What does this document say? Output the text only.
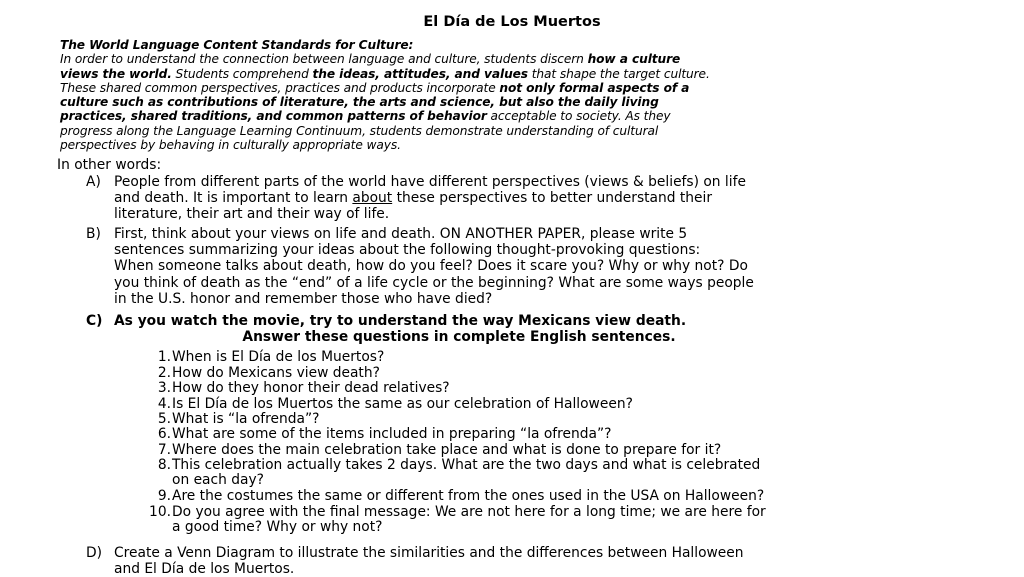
El Día de Los Muertos
The World Language Content Standards for Culture:
In order to understand the connection between language and culture, students discern how a culture
views the world. Students comprehend the ideas, attitudes, and values that shape the target culture.
These shared common perspectives, practices and products incorporate not only formal aspects of a
culture such as contributions of literature, the arts and science, but also the daily living
practices, shared traditions, and common patterns of behavior acceptable to society. As they
progress along the Language Learning Continuum, students demonstrate understanding of cultural
perspectives by behaving in culturally appropriate ways.
In other words:
A) People from different parts of the world have different perspectives (views & beliefs) on life
and death. It is important to learn about these perspectives to better understand their
literature, their art and their way of life.
B) First, think about your views on life and death. ON ANOTHER PAPER, please write 5
sentences summarizing your ideas about the following thought-provoking questions:
When someone talks about death, how do you feel? Does it scare you? Why or why not? Do
you think of death as the “end” of a life cycle or the beginning? What are some ways people
in the U.S. honor and remember those who have died?
C) As you watch the movie, try to understand the way Mexicans view death.
Answer these questions in complete English sentences.
1. When is El Día de los Muertos?
2. How do Mexicans view death?
3. How do they honor their dead relatives?
4. Is El Día de los Muertos the same as our celebration of Halloween?
5. What is “la ofrenda”?
6. What are some of the items included in preparing “la ofrenda”?
7. Where does the main celebration take place and what is done to prepare for it?
8. This celebration actually takes 2 days. What are the two days and what is celebrated
on each day?
9. Are the costumes the same or different from the ones used in the USA on Halloween?
10. Do you agree with the final message: We are not here for a long time; we are here for
a good time? Why or why not?
D) Create a Venn Diagram to illustrate the similarities and the differences between Halloween
and El Día de los Muertos.
